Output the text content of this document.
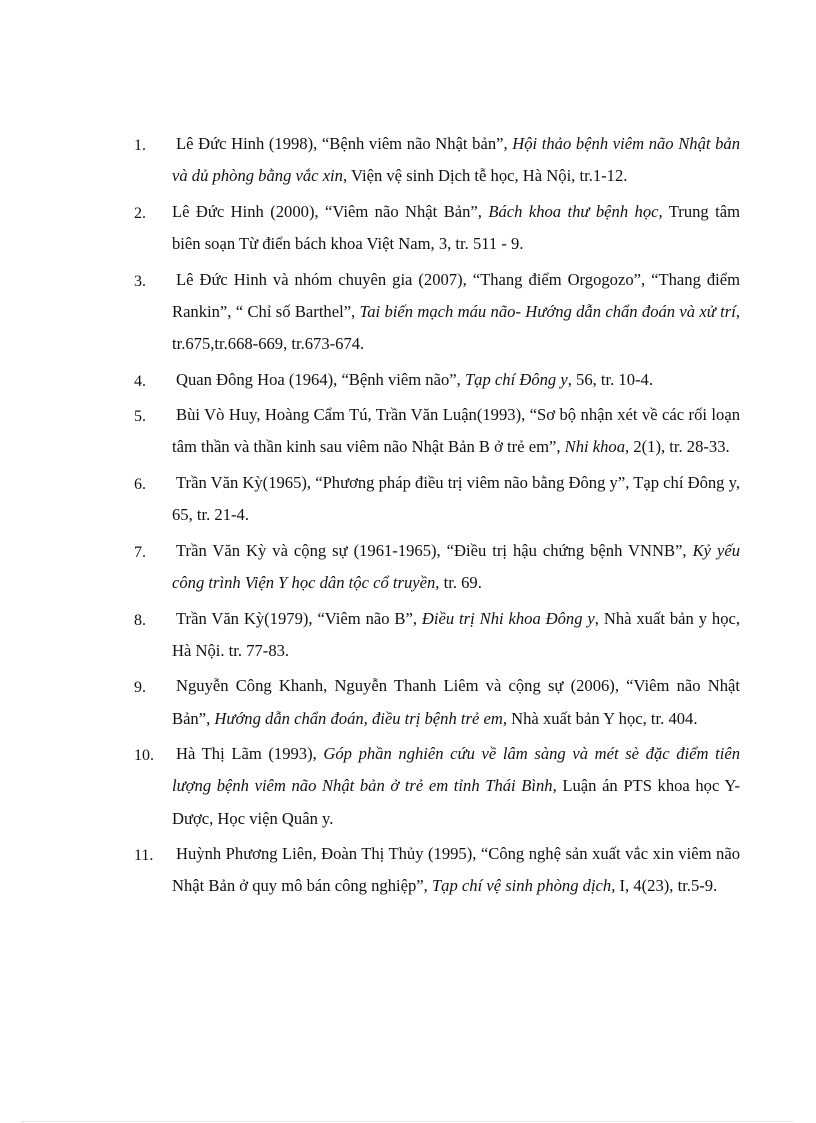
1. Lê Đức Hinh (1998), “Bệnh viêm não Nhật bản”, Hội thảo bệnh viêm não Nhật bản và dủ phòng bằng vắc xin, Viện vệ sinh Dịch tễ học, Hà Nội, tr.1-12.
2. Lê Đức Hinh (2000), “Viêm não Nhật Bản”, Bách khoa thư bệnh học, Trung tâm biên soạn Từ điển bách khoa Việt Nam, 3, tr. 511 - 9.
3. Lê Đức Hinh và nhóm chuyên gia (2007), “Thang điểm Orgogozo”, “Thang điểm Rankin”, “ Chỉ số Barthel”, Tai biến mạch máu não- Hướng dẫn chẩn đoán và xử trí, tr.675,tr.668-669, tr.673-674.
4. Quan Đông Hoa (1964), “Bệnh viêm não”, Tạp chí Đông y, 56, tr. 10-4.
5. Bùi Vò Huy, Hoàng Cẩm Tú, Trần Văn Luận(1993), “Sơ bộ nhận xét về các rối loạn tâm thần và thần kinh sau viêm não Nhật Bản B ở trẻ em”, Nhi khoa, 2(1), tr. 28-33.
6. Trần Văn Kỳ(1965), “Phương pháp điều trị viêm não bằng Đông y”, Tạp chí Đông y, 65, tr. 21-4.
7. Trần Văn Kỳ và cộng sự (1961-1965), “Điều trị hậu chứng bệnh VNNB”, Kỷ yếu công trình Viện Y học dân tộc cổ truyền, tr. 69.
8. Trần Văn Kỳ(1979), “Viêm não B”, Điều trị Nhi khoa Đông y, Nhà xuất bản y học, Hà Nội. tr. 77-83.
9. Nguyễn Công Khanh, Nguyễn Thanh Liêm và cộng sự (2006), “Viêm não Nhật Bản”, Hướng dẫn chẩn đoán, điều trị bệnh trẻ em, Nhà xuất bản Y học, tr. 404.
10. Hà Thị Lãm (1993), Góp phần nghiên cứu về lâm sàng và mét sè đặc điểm tiên lượng bệnh viêm não Nhật bản ở trẻ em tỉnh Thái Bình, Luận án PTS khoa học Y-Dược, Học viện Quân y.
11. Huỳnh Phương Liên, Đoàn Thị Thủy (1995), “Công nghệ sản xuất vắc xin viêm não Nhật Bản ở quy mô bán công nghiệp”, Tạp chí vệ sinh phòng dịch, I, 4(23), tr.5-9.
